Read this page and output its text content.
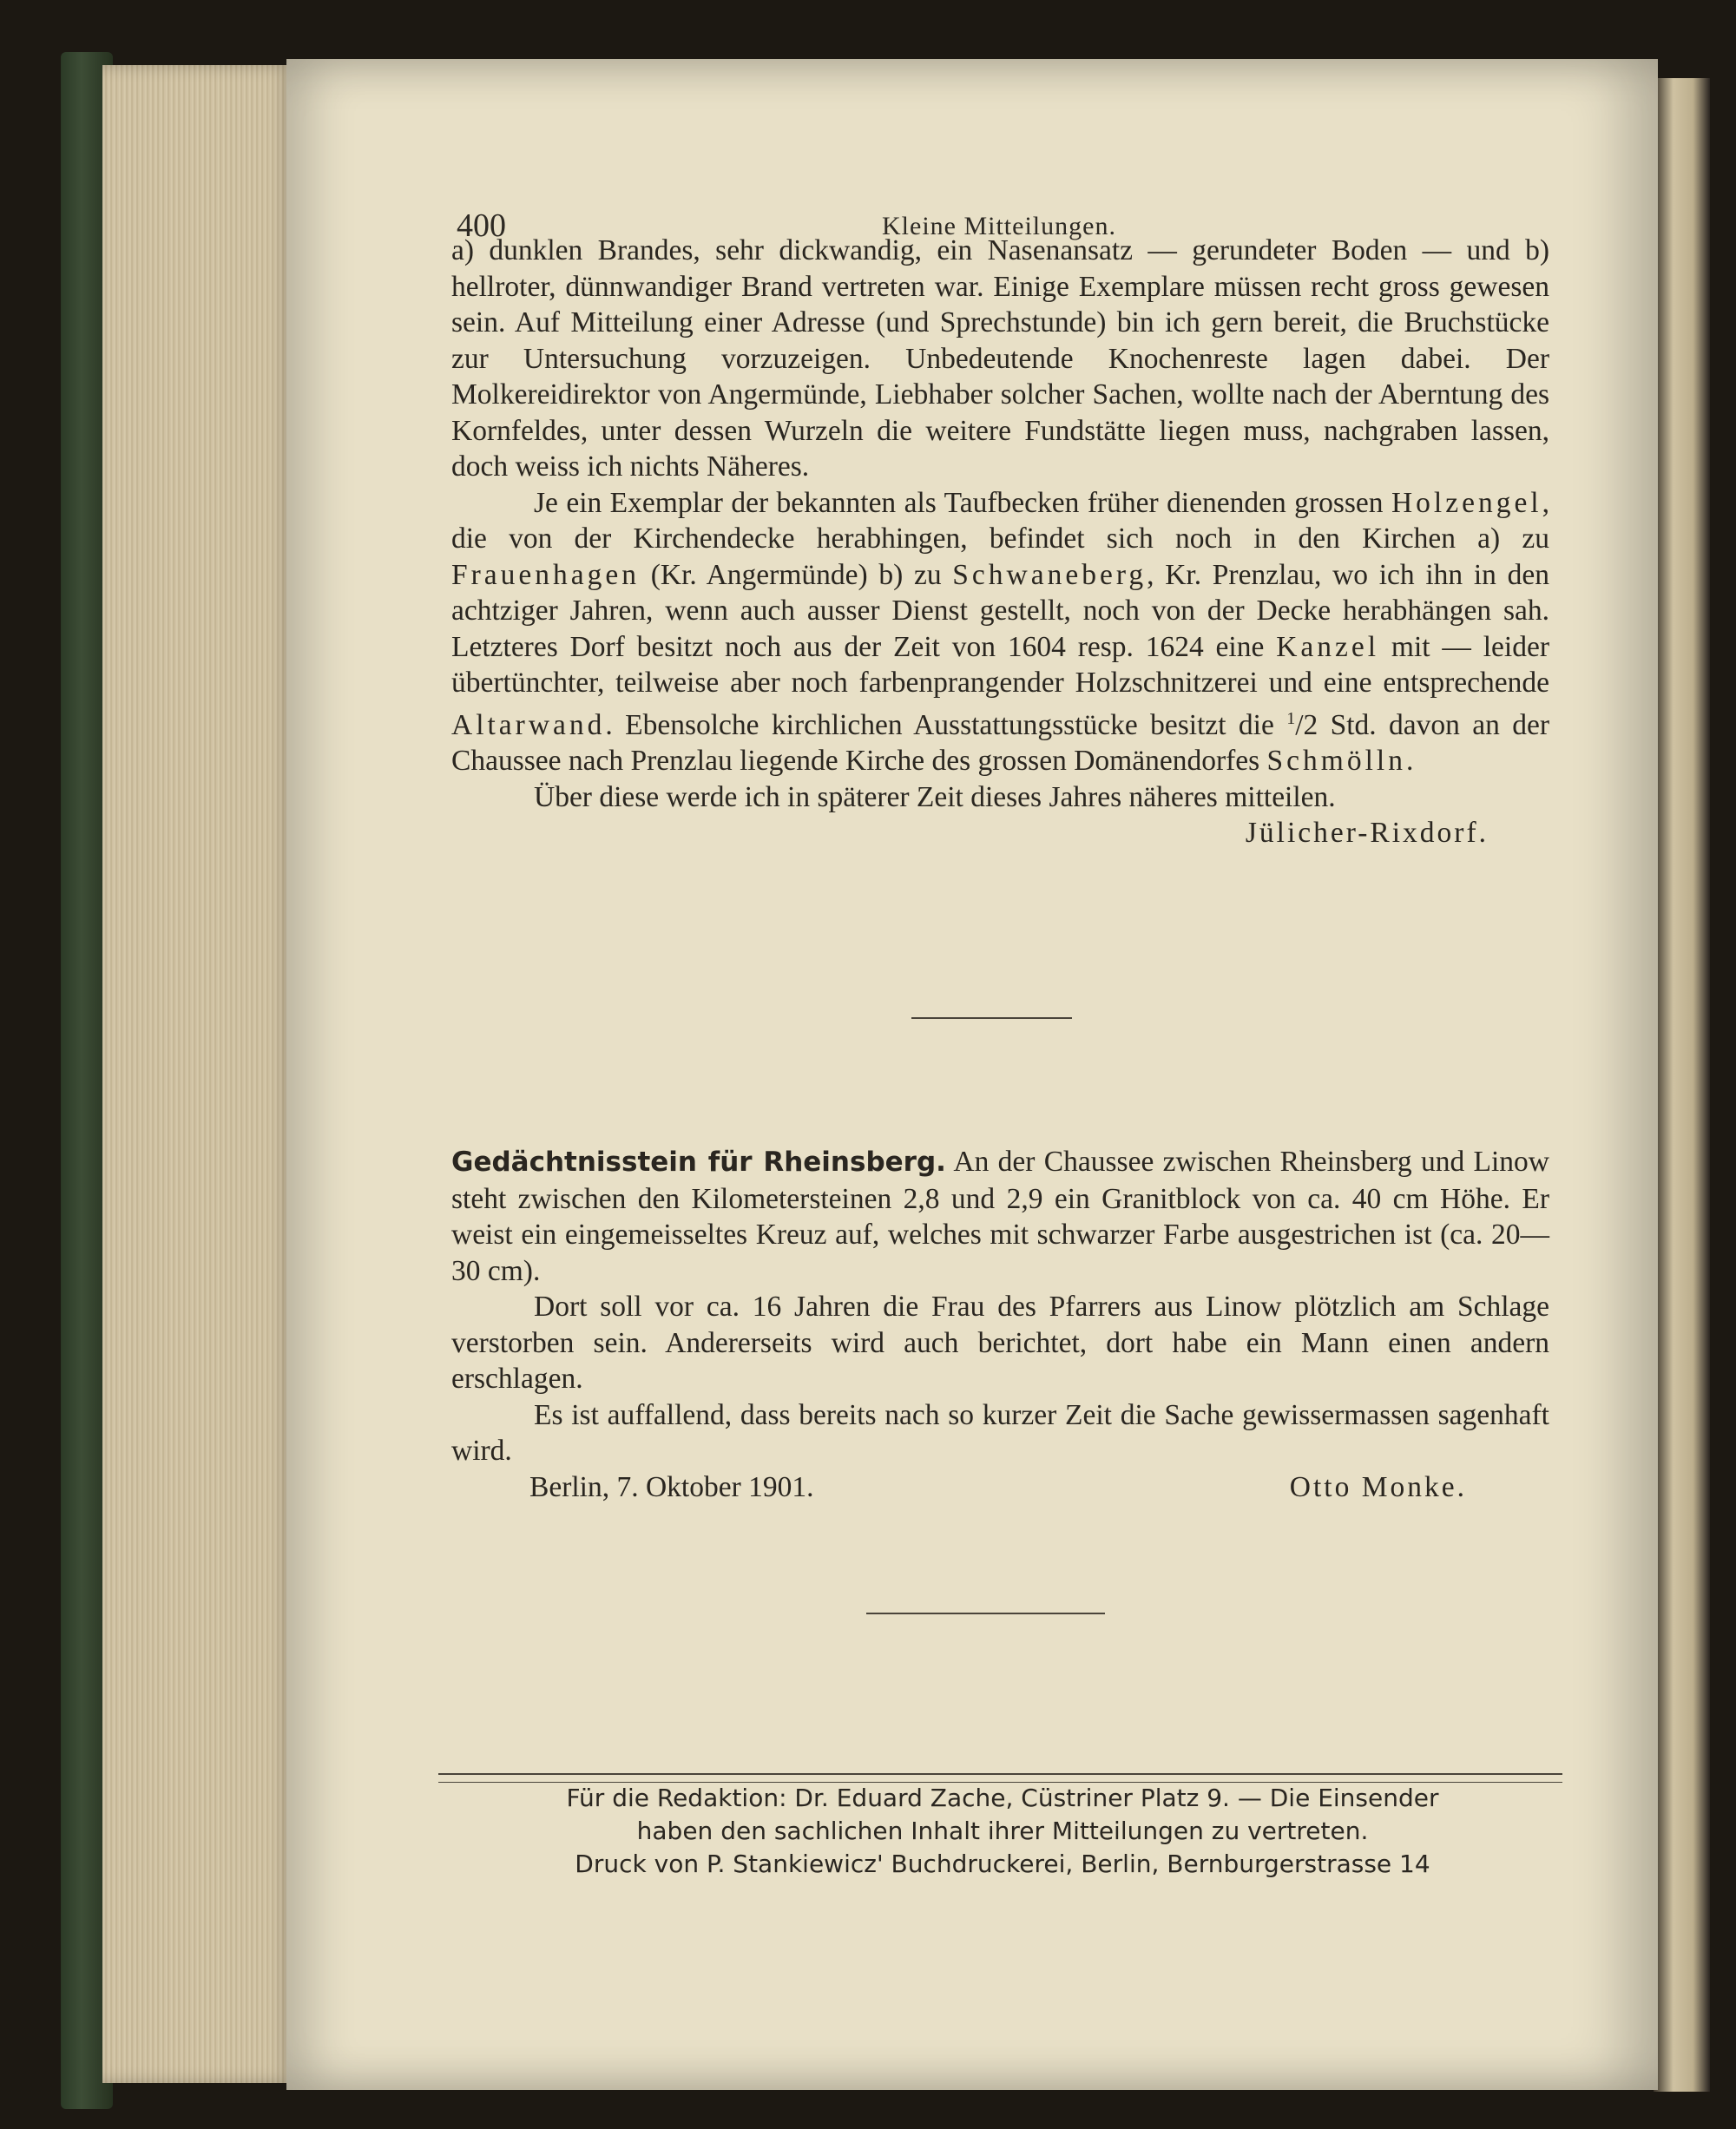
400	Kleine Mitteilungen.

a) dunklen Brandes, sehr dickwandig, ein Nasenansatz — gerundeter Boden — und b) hellroter, dünnwandiger Brand vertreten war. Einige Exemplare müssen recht gross gewesen sein. Auf Mitteilung einer Adresse (und Sprechstunde) bin ich gern bereit, die Bruchstücke zur Untersuchung vorzuzeigen. Unbedeutende Knochenreste lagen dabei. Der Molkereidirektor von Angermünde, Liebhaber solcher Sachen, wollte nach der Aberntung des Kornfeldes, unter dessen Wurzeln die weitere Fundstätte liegen muss, nachgraben lassen, doch weiss ich nichts Näheres.

Je ein Exemplar der bekannten als Taufbecken früher dienenden grossen Holzengel, die von der Kirchendecke herabhingen, befindet sich noch in den Kirchen a) zu Frauenhagen (Kr. Angermünde) b) zu Schwaneberg, Kr. Prenzlau, wo ich ihn in den achtziger Jahren, wenn auch ausser Dienst gestellt, noch von der Decke herabhängen sah. Letzteres Dorf besitzt noch aus der Zeit von 1604 resp. 1624 eine Kanzel mit — leider übertünchter, teilweise aber noch farbenprangender Holzschnitzerei und eine entsprechende Altarwand. Ebensolche kirchlichen Ausstattungsstücke besitzt die $^1$/2 Std. davon an der Chaussee nach Prenzlau liegende Kirche des grossen Domänendorfes Schmölln.

Über diese werde ich in späterer Zeit dieses Jahres näheres mitteilen.

Jülicher-Rixdorf.

Gedächtnisstein für Rheinsberg. An der Chaussee zwischen Rheinsberg und Linow steht zwischen den Kilometersteinen 2,8 und 2,9 ein Granitblock von ca. 40 cm Höhe. Er weist ein eingemeisseltes Kreuz auf, welches mit schwarzer Farbe ausgestrichen ist (ca. 20—30 cm).

Dort soll vor ca. 16 Jahren die Frau des Pfarrers aus Linow plötzlich am Schlage verstorben sein. Andererseits wird auch berichtet, dort habe ein Mann einen andern erschlagen.

Es ist auffallend, dass bereits nach so kurzer Zeit die Sache gewissermassen sagenhaft wird.

Berlin, 7. Oktober 1901.	Otto Monke.

Für die Redaktion: Dr. Eduard Zache, Cüstriner Platz 9. — Die Einsender

haben den sachlichen Inhalt ihrer Mitteilungen zu vertreten.

Druck von P. Stankiewicz' Buchdruckerei, Berlin, Bernburgerstrasse 14
